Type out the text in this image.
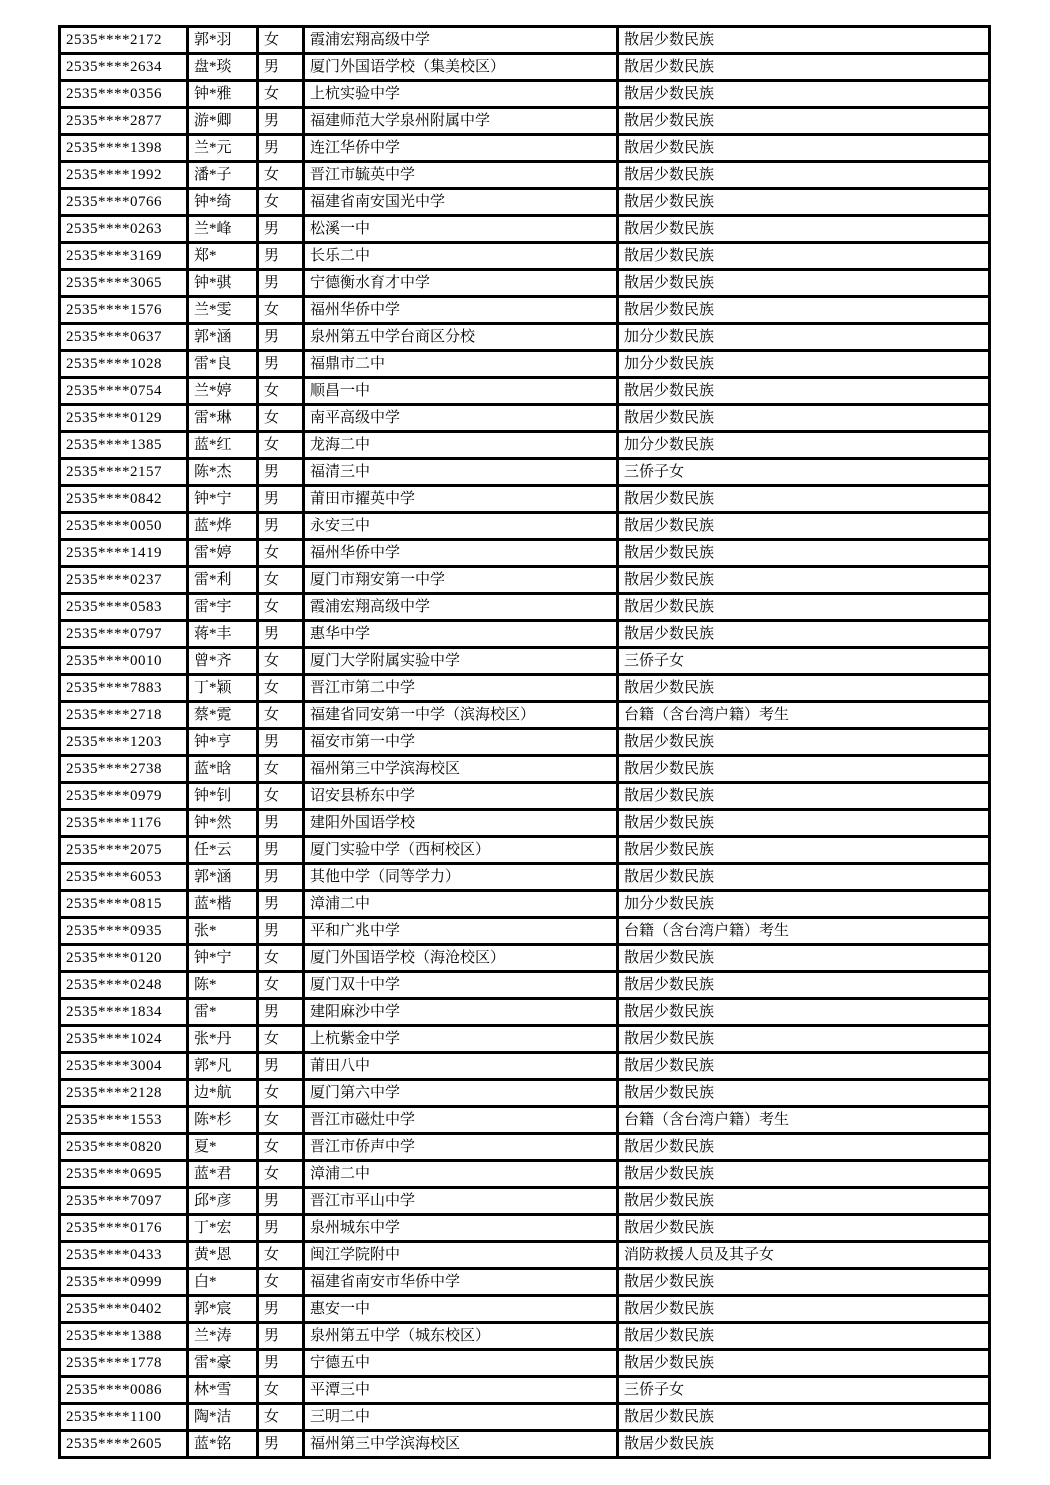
2535****2172	郭*羽	女	霞浦宏翔高级中学	散居少数民族
2535****2634	盘*琰	男	厦门外国语学校（集美校区）	散居少数民族
2535****0356	钟*雅	女	上杭实验中学	散居少数民族
2535****2877	游*卿	男	福建师范大学泉州附属中学	散居少数民族
2535****1398	兰*元	男	连江华侨中学	散居少数民族
2535****1992	潘*子	女	晋江市毓英中学	散居少数民族
2535****0766	钟*绮	女	福建省南安国光中学	散居少数民族
2535****0263	兰*峰	男	松溪一中	散居少数民族
2535****3169	郑*	男	长乐二中	散居少数民族
2535****3065	钟*骐	男	宁德衡水育才中学	散居少数民族
2535****1576	兰*雯	女	福州华侨中学	散居少数民族
2535****0637	郭*涵	男	泉州第五中学台商区分校	加分少数民族
2535****1028	雷*良	男	福鼎市二中	加分少数民族
2535****0754	兰*婷	女	顺昌一中	散居少数民族
2535****0129	雷*琳	女	南平高级中学	散居少数民族
2535****1385	蓝*红	女	龙海二中	加分少数民族
2535****2157	陈*杰	男	福清三中	三侨子女
2535****0842	钟*宁	男	莆田市擢英中学	散居少数民族
2535****0050	蓝*烨	男	永安三中	散居少数民族
2535****1419	雷*婷	女	福州华侨中学	散居少数民族
2535****0237	雷*利	女	厦门市翔安第一中学	散居少数民族
2535****0583	雷*宇	女	霞浦宏翔高级中学	散居少数民族
2535****0797	蒋*丰	男	惠华中学	散居少数民族
2535****0010	曾*齐	女	厦门大学附属实验中学	三侨子女
2535****7883	丁*颖	女	晋江市第二中学	散居少数民族
2535****2718	蔡*霓	女	福建省同安第一中学（滨海校区）	台籍（含台湾户籍）考生
2535****1203	钟*亨	男	福安市第一中学	散居少数民族
2535****2738	蓝*晗	女	福州第三中学滨海校区	散居少数民族
2535****0979	钟*钊	女	诏安县桥东中学	散居少数民族
2535****1176	钟*然	男	建阳外国语学校	散居少数民族
2535****2075	任*云	男	厦门实验中学（西柯校区）	散居少数民族
2535****6053	郭*涵	男	其他中学（同等学力）	散居少数民族
2535****0815	蓝*楷	男	漳浦二中	加分少数民族
2535****0935	张*	男	平和广兆中学	台籍（含台湾户籍）考生
2535****0120	钟*宁	女	厦门外国语学校（海沧校区）	散居少数民族
2535****0248	陈*	女	厦门双十中学	散居少数民族
2535****1834	雷*	男	建阳麻沙中学	散居少数民族
2535****1024	张*丹	女	上杭紫金中学	散居少数民族
2535****3004	郭*凡	男	莆田八中	散居少数民族
2535****2128	边*航	女	厦门第六中学	散居少数民族
2535****1553	陈*杉	女	晋江市磁灶中学	台籍（含台湾户籍）考生
2535****0820	夏*	女	晋江市侨声中学	散居少数民族
2535****0695	蓝*君	女	漳浦二中	散居少数民族
2535****7097	邱*彦	男	晋江市平山中学	散居少数民族
2535****0176	丁*宏	男	泉州城东中学	散居少数民族
2535****0433	黄*恩	女	闽江学院附中	消防救援人员及其子女
2535****0999	白*	女	福建省南安市华侨中学	散居少数民族
2535****0402	郭*宸	男	惠安一中	散居少数民族
2535****1388	兰*涛	男	泉州第五中学（城东校区）	散居少数民族
2535****1778	雷*豪	男	宁德五中	散居少数民族
2535****0086	林*雪	女	平潭三中	三侨子女
2535****1100	陶*洁	女	三明二中	散居少数民族
2535****2605	蓝*铭	男	福州第三中学滨海校区	散居少数民族
